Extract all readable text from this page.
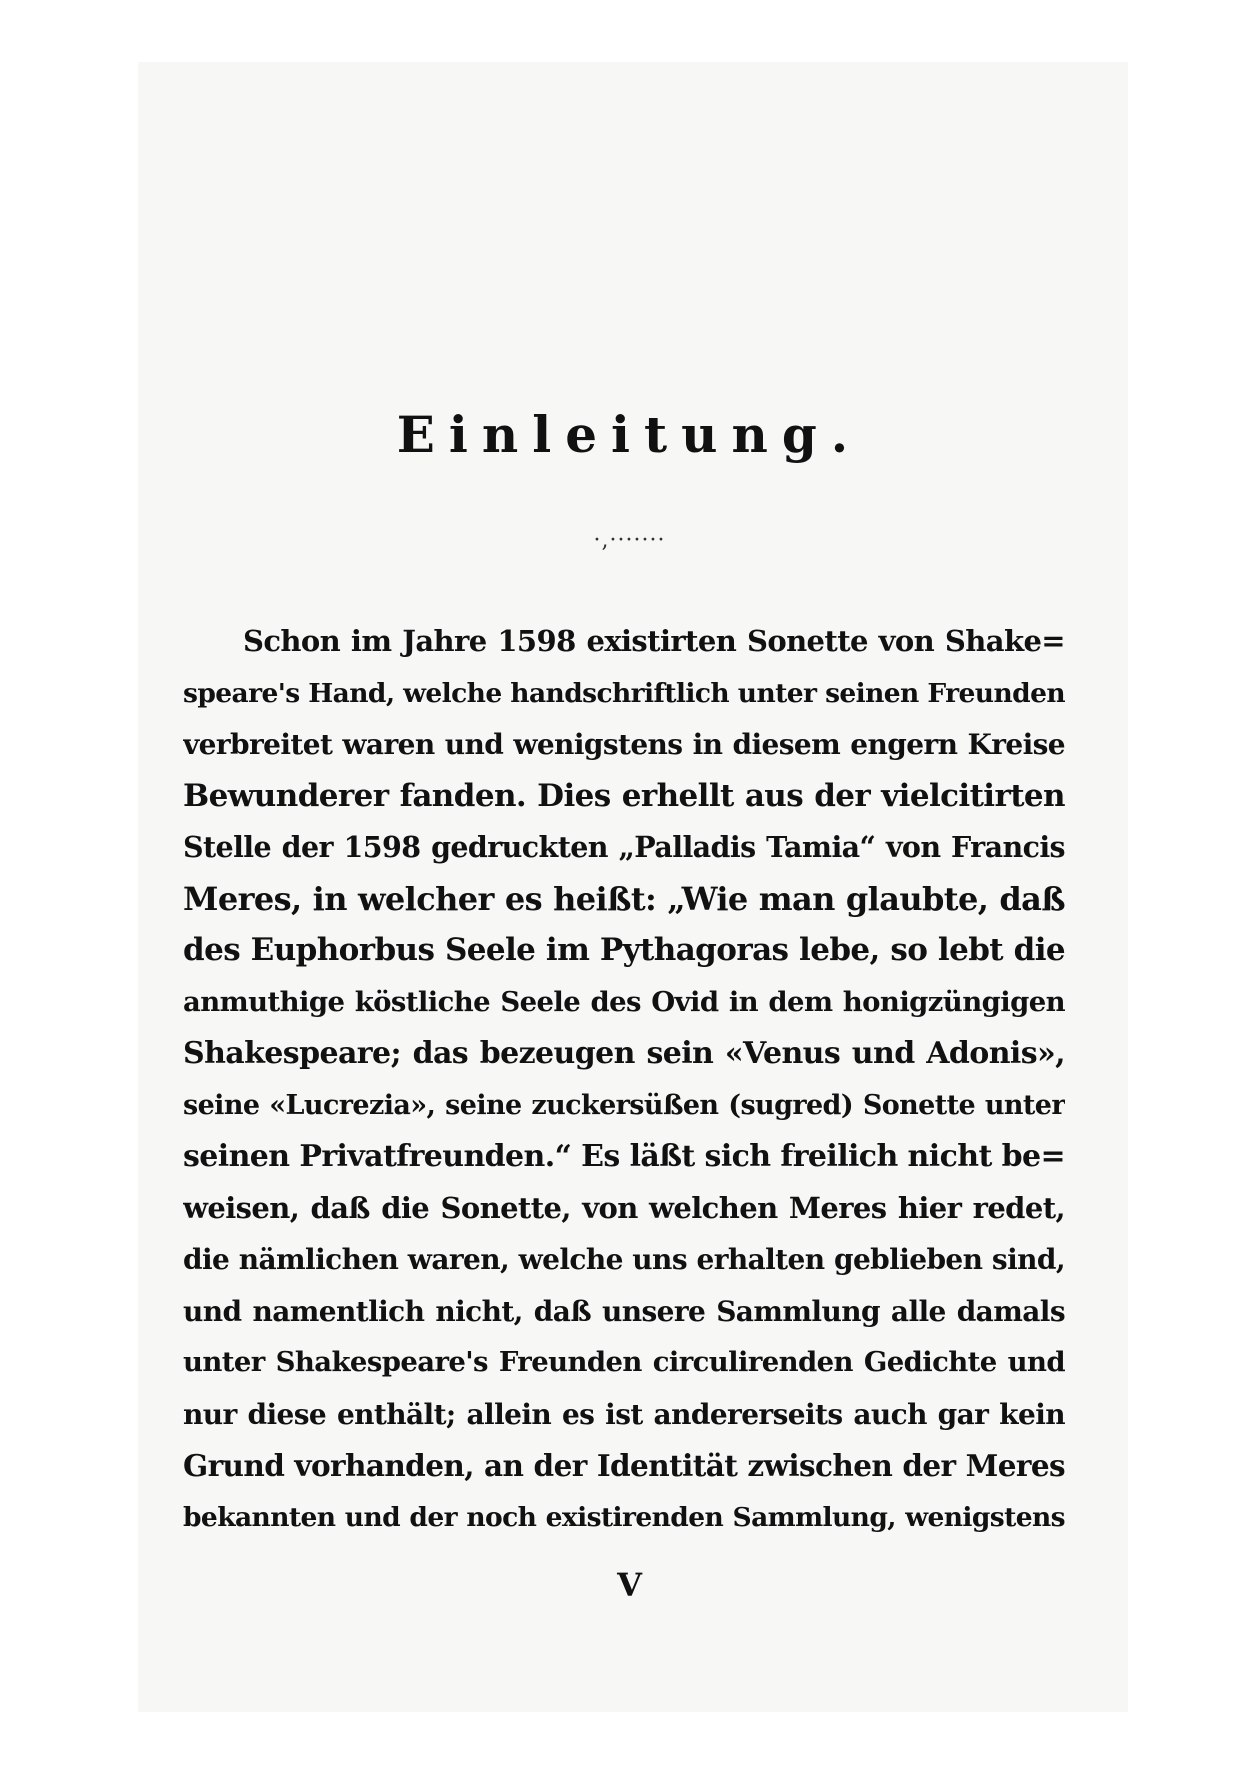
Einleitung.
·,·······
Schon im Jahre 1598 existirten Sonette von Shake=
speare's Hand, welche handschriftlich unter seinen Freunden
verbreitet waren und wenigstens in diesem engern Kreise
Bewunderer fanden. Dies erhellt aus der vielcitirten
Stelle der 1598 gedruckten „Palladis Tamia“ von Francis
Meres, in welcher es heißt: „Wie man glaubte, daß
des Euphorbus Seele im Pythagoras lebe, so lebt die
anmuthige köstliche Seele des Ovid in dem honigzüngigen
Shakespeare; das bezeugen sein «Venus und Adonis»,
seine «Lucrezia», seine zuckersüßen (sugred) Sonette unter
seinen Privatfreunden.“ Es läßt sich freilich nicht be=
weisen, daß die Sonette, von welchen Meres hier redet,
die nämlichen waren, welche uns erhalten geblieben sind,
und namentlich nicht, daß unsere Sammlung alle damals
unter Shakespeare's Freunden circulirenden Gedichte und
nur diese enthält; allein es ist andererseits auch gar kein
Grund vorhanden, an der Identität zwischen der Meres
bekannten und der noch existirenden Sammlung, wenigstens
V
